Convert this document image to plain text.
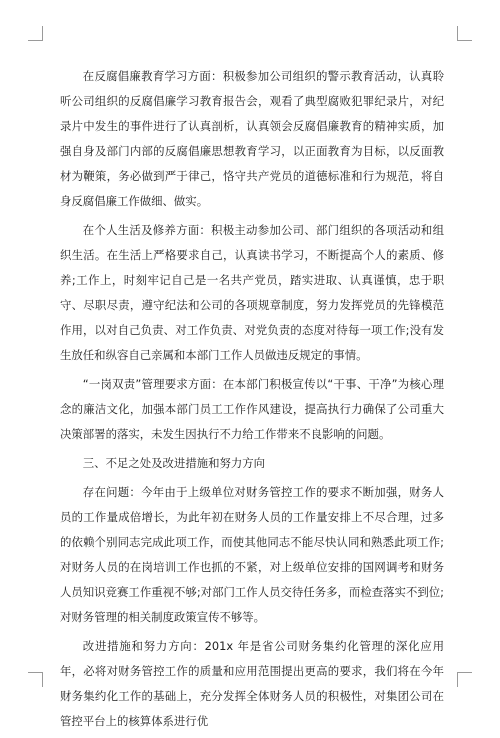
在反腐倡廉教育学习方面：积极参加公司组织的警示教育活动，认真聆听公司组织的反腐倡廉学习教育报告会，观看了典型腐败犯罪纪录片，对纪录片中发生的事件进行了认真剖析，认真领会反腐倡廉教育的精神实质，加强自身及部门内部的反腐倡廉思想教育学习，以正面教育为目标，以反面教材为鞭策，务必做到严于律己，恪守共产党员的道德标准和行为规范，将自身反腐倡廉工作做细、做实。

在个人生活及修养方面：积极主动参加公司、部门组织的各项活动和组织生活。在生活上严格要求自己，认真读书学习，不断提高个人的素质、修养;工作上，时刻牢记自己是一名共产党员，踏实进取、认真谨慎，忠于职守、尽职尽责，遵守纪法和公司的各项规章制度，努力发挥党员的先锋模范作用，以对自己负责、对工作负责、对党负责的态度对待每一项工作;没有发生放任和纵容自己亲属和本部门工作人员做违反规定的事情。

“一岗双责”管理要求方面：在本部门积极宣传以“干事、干净”为核心理念的廉洁文化，加强本部门员工工作作风建设，提高执行力确保了公司重大决策部署的落实，未发生因执行不力给工作带来不良影响的问题。

三、不足之处及改进措施和努力方向

存在问题：今年由于上级单位对财务管控工作的要求不断加强，财务人员的工作量成倍增长，为此年初在财务人员的工作量安排上不尽合理，过多的依赖个别同志完成此项工作，而使其他同志不能尽快认同和熟悉此项工作;对财务人员的在岗培训工作也抓的不紧，对上级单位安排的国网调考和财务人员知识竞赛工作重视不够;对部门工作人员交待任务多，而检查落实不到位;对财务管理的相关制度政策宣传不够等。

改进措施和努力方向：201x 年是省公司财务集约化管理的深化应用年，必将对财务管控工作的质量和应用范围提出更高的要求，我们将在今年财务集约化工作的基础上，充分发挥全体财务人员的积极性，对集团公司在管控平台上的核算体系进行优
